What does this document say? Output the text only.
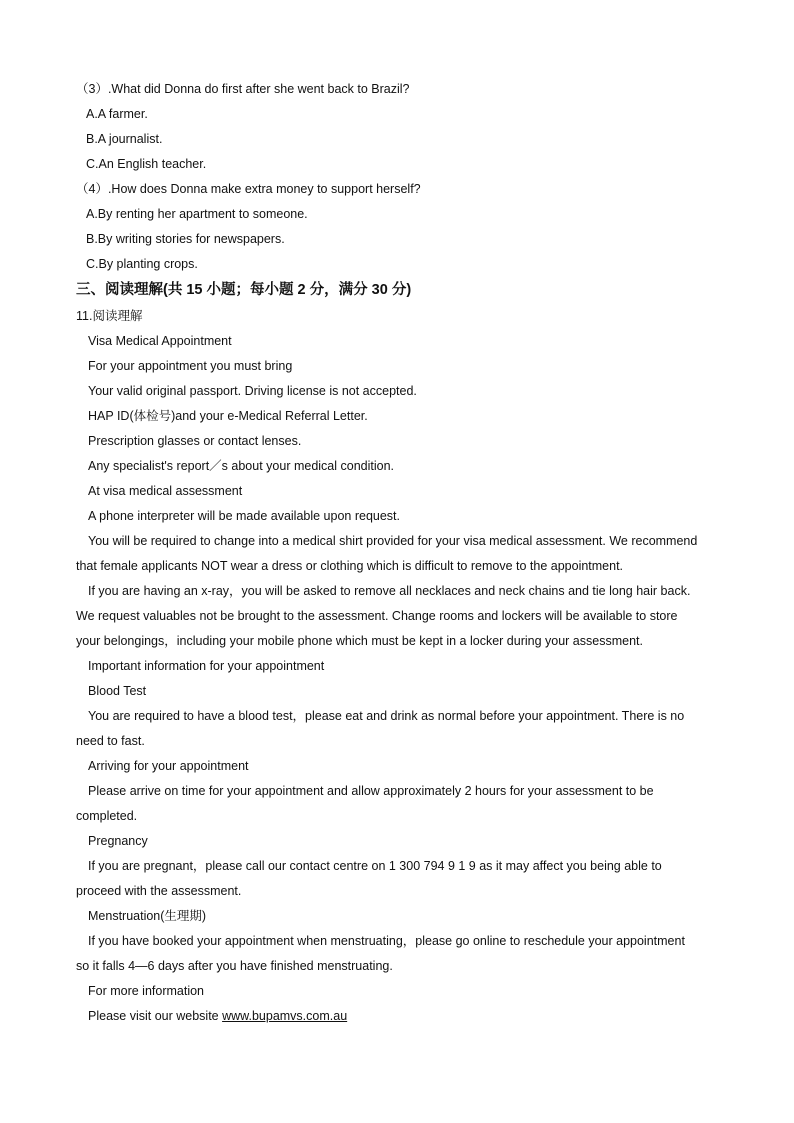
（3）.What did Donna do first after she went back to Brazil?
A.A farmer.
B.A journalist.
C.An English teacher.
（4）.How does Donna make extra money to support herself?
A.By renting her apartment to someone.
B.By writing stories for newspapers.
C.By planting crops.
三、阅读理解(共 15 小题；每小题 2 分，满分 30 分)
11.阅读理解
Visa Medical Appointment
For your appointment you must bring
Your valid original passport. Driving license is not accepted.
HAP ID(体检号)and your e-Medical Referral Letter.
Prescription glasses or contact lenses.
Any specialist's report／s about your medical condition.
At visa medical assessment
A phone interpreter will be made available upon request.
You will be required to change into a medical shirt provided for your visa medical assessment. We recommend
that female applicants NOT wear a dress or clothing which is difficult to remove to the appointment.
If you are having an x-ray，you will be asked to remove all necklaces and neck chains and tie long hair back.
We request valuables not be brought to the assessment. Change rooms and lockers will be available to store
your belongings，including your mobile phone which must be kept in a locker during your assessment.
Important information for your appointment
Blood Test
You are required to have a blood test，please eat and drink as normal before your appointment. There is no
need to fast.
Arriving for your appointment
Please arrive on time for your appointment and allow approximately 2 hours for your assessment to be
completed.
Pregnancy
If you are pregnant，please call our contact centre on 1 300 794 9 1 9 as it may affect you being able to
proceed with the assessment.
Menstruation(生理期)
If you have booked your appointment when menstruating，please go online to reschedule your appointment
so it falls 4—6 days after you have finished menstruating.
For more information
Please visit our website www.bupamvs.com.au
